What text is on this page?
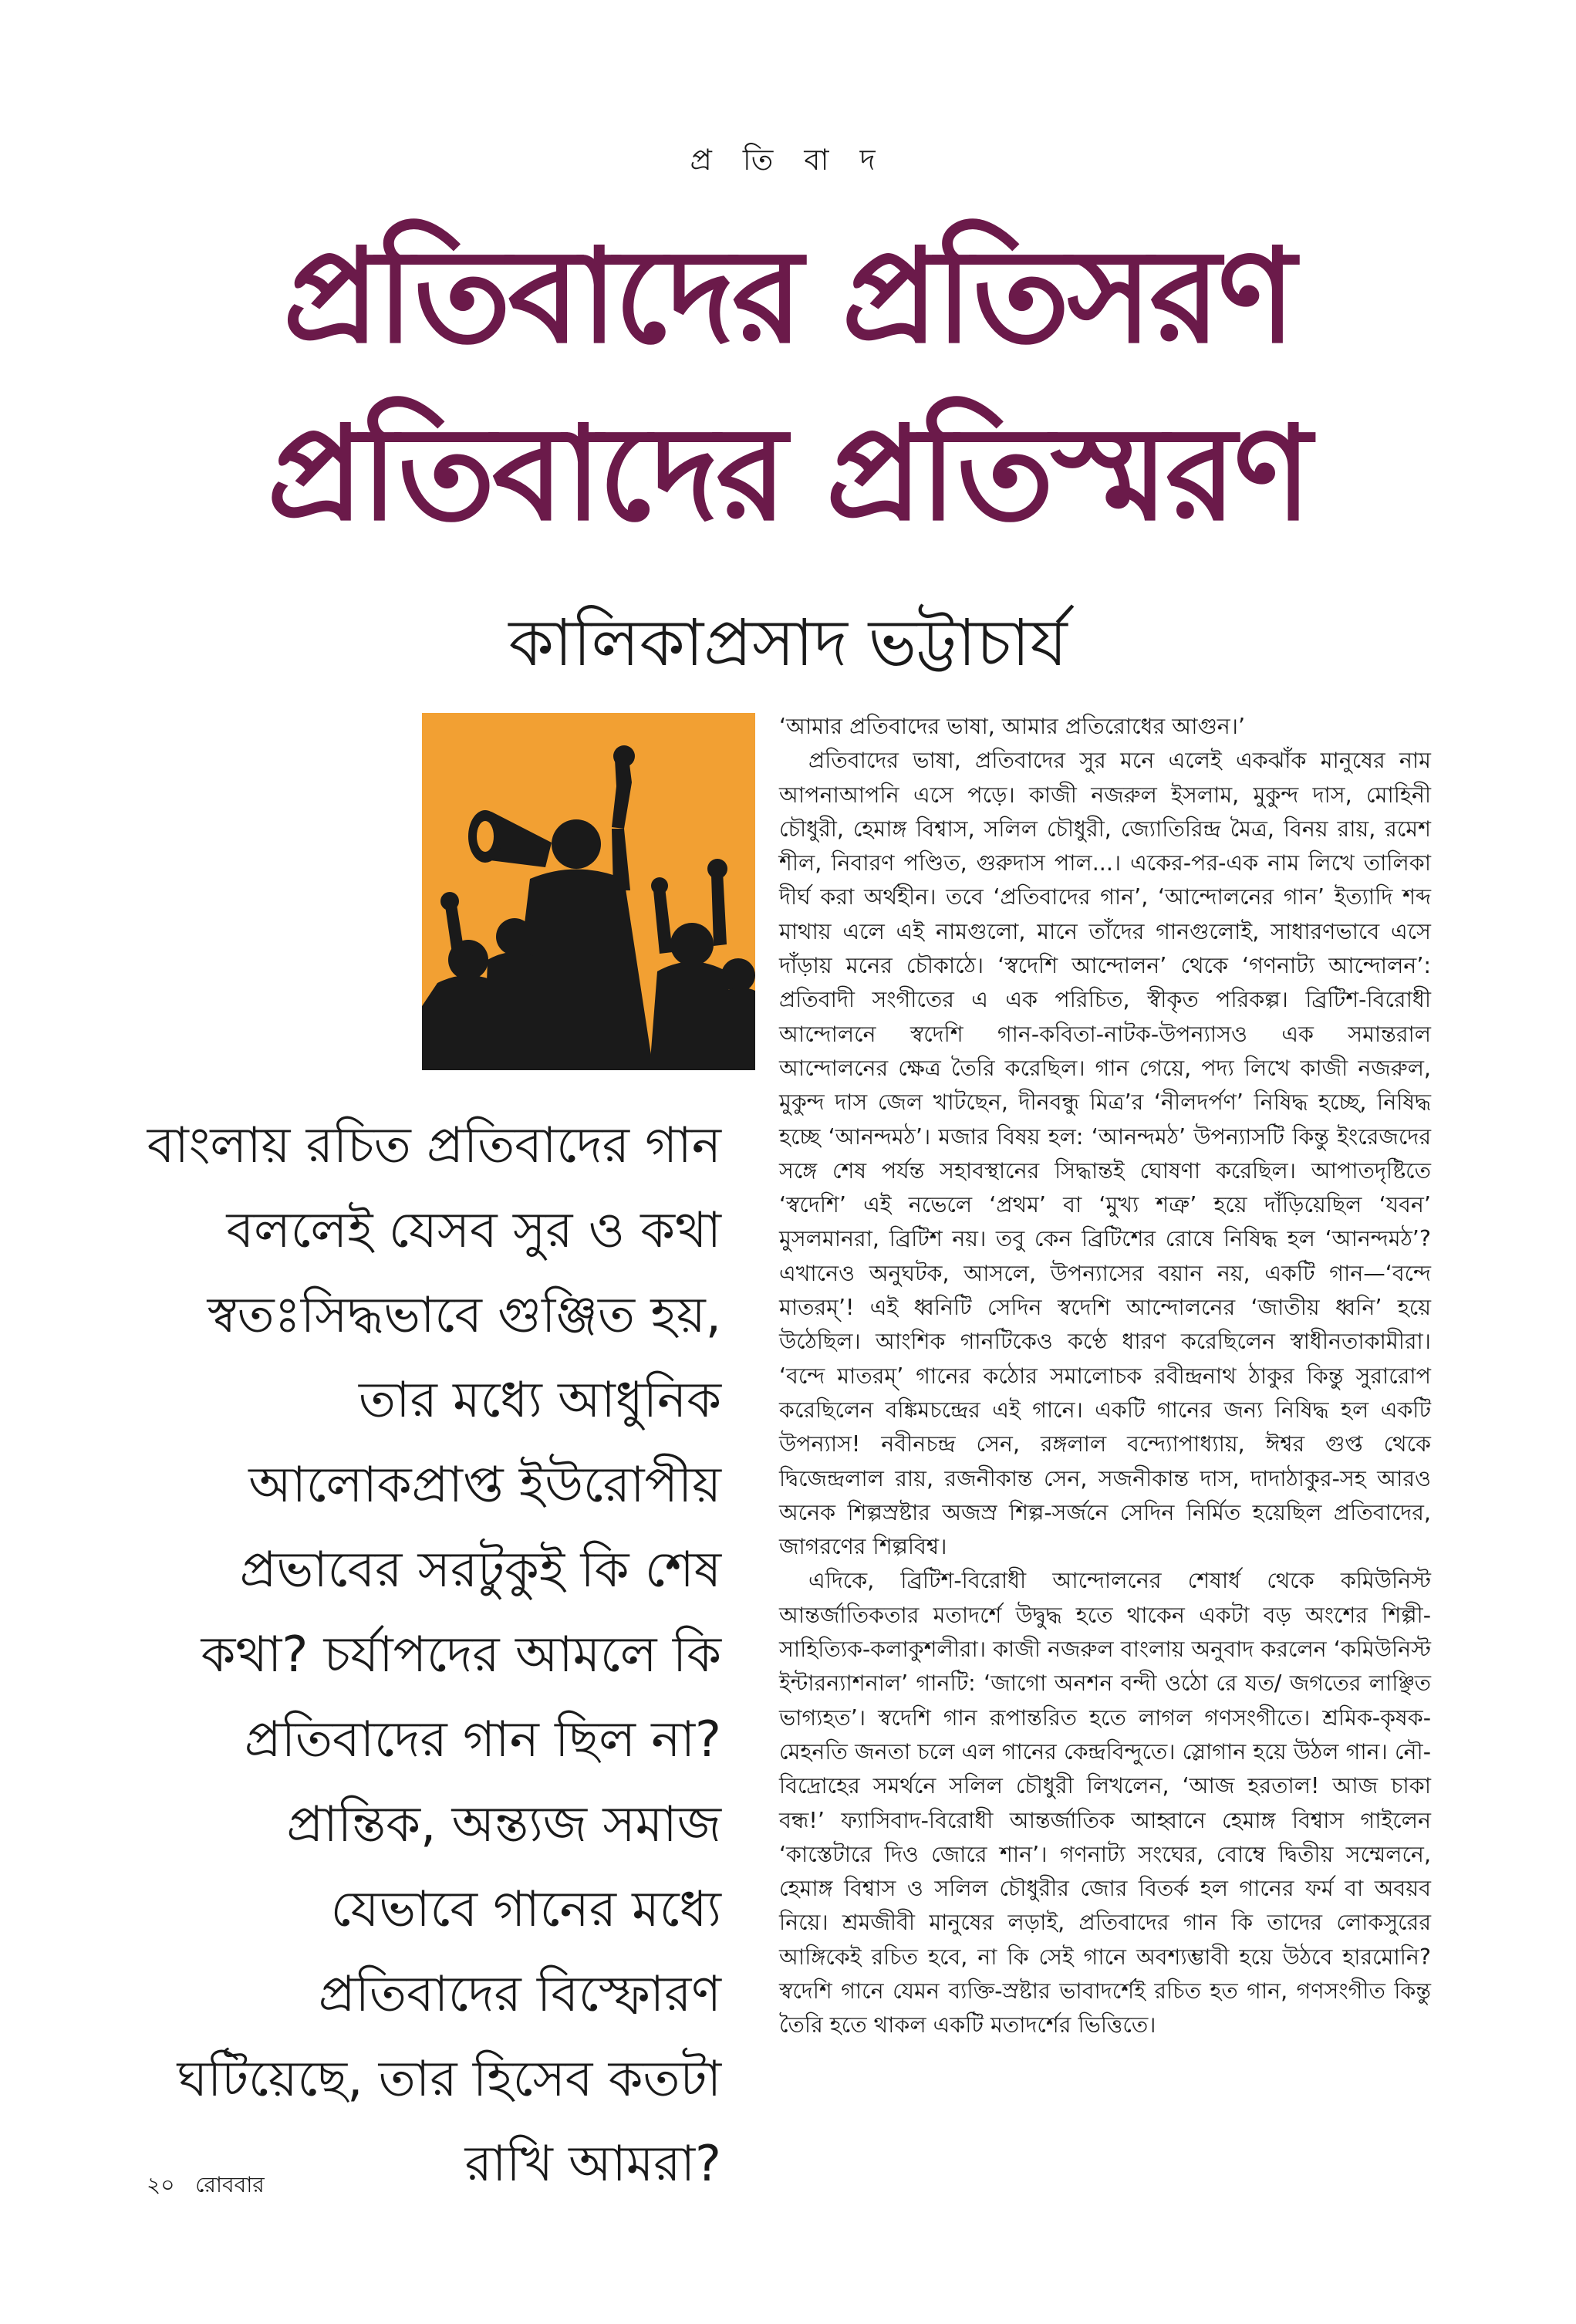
প্র তি বা দ
প্রতিবাদের প্রতিসরণ
প্রতিবাদের প্রতিস্মরণ
কালিকাপ্রসাদ ভট্টাচার্য

বাংলায় রচিত প্রতিবাদের গান বললেই যেসব সুর ও কথা স্বতঃসিদ্ধভাবে গুঞ্জিত হয়, তার মধ্যে আধুনিক আলোকপ্রাপ্ত ইউরোপীয় প্রভাবের সরটুকুই কি শেষ কথা? চর্যাপদের আমলে কি প্রতিবাদের গান ছিল না? প্রান্তিক, অন্ত্যজ সমাজ যেভাবে গানের মধ্যে প্রতিবাদের বিস্ফোরণ ঘটিয়েছে, তার হিসেব কতটা রাখি আমরা?

‘আমার প্রতিবাদের ভাষা, আমার প্রতিরোধের আগুন।’

প্রতিবাদের ভাষা, প্রতিবাদের সুর মনে এলেই একঝাঁক মানুষের নাম আপনাআপনি এসে পড়ে। কাজী নজরুল ইসলাম, মুকুন্দ দাস, মোহিনী চৌধুরী, হেমাঙ্গ বিশ্বাস, সলিল চৌধুরী, জ্যোতিরিন্দ্র মৈত্র, বিনয় রায়, রমেশ শীল, নিবারণ পণ্ডিত, গুরুদাস পাল...। একের-পর-এক নাম লিখে তালিকা দীর্ঘ করা অর্থহীন। তবে ‘প্রতিবাদের গান’, ‘আন্দোলনের গান’ ইত্যাদি শব্দ মাথায় এলে এই নামগুলো, মানে তাঁদের গানগুলোই, সাধারণভাবে এসে দাঁড়ায় মনের চৌকাঠে। ‘স্বদেশি আন্দোলন’ থেকে ‘গণনাট্য আন্দোলন’: প্রতিবাদী সংগীতের এ এক পরিচিত, স্বীকৃত পরিকল্প। ব্রিটিশ-বিরোধী আন্দোলনে স্বদেশি গান-কবিতা-নাটক-উপন্যাসও এক সমান্তরাল আন্দোলনের ক্ষেত্র তৈরি করেছিল। গান গেয়ে, পদ্য লিখে কাজী নজরুল, মুকুন্দ দাস জেল খাটছেন, দীনবন্ধু মিত্র’র ‘নীলদর্পণ’ নিষিদ্ধ হচ্ছে, নিষিদ্ধ হচ্ছে ‘আনন্দমঠ’। মজার বিষয় হল: ‘আনন্দমঠ’ উপন্যাসটি কিন্তু ইংরেজদের সঙ্গে শেষ পর্যন্ত সহাবস্থানের সিদ্ধান্তই ঘোষণা করেছিল। আপাতদৃষ্টিতে ‘স্বদেশি’ এই নভেলে ‘প্রথম’ বা ‘মুখ্য শত্রু’ হয়ে দাঁড়িয়েছিল ‘যবন’ মুসলমানরা, ব্রিটিশ নয়। তবু কেন ব্রিটিশের রোষে নিষিদ্ধ হল ‘আনন্দমঠ’? এখানেও অনুঘটক, আসলে, উপন্যাসের বয়ান নয়, একটি গান—‘বন্দে মাতরম্’! এই ধ্বনিটি সেদিন স্বদেশি আন্দোলনের ‘জাতীয় ধ্বনি’ হয়ে উঠেছিল। আংশিক গানটিকেও কণ্ঠে ধারণ করেছিলেন স্বাধীনতাকামীরা। ‘বন্দে মাতরম্’ গানের কঠোর সমালোচক রবীন্দ্রনাথ ঠাকুর কিন্তু সুরারোপ করেছিলেন বঙ্কিমচন্দ্রের এই গানে। একটি গানের জন্য নিষিদ্ধ হল একটি উপন্যাস! নবীনচন্দ্র সেন, রঙ্গলাল বন্দ্যোপাধ্যায়, ঈশ্বর গুপ্ত থেকে দ্বিজেন্দ্রলাল রায়, রজনীকান্ত সেন, সজনীকান্ত দাস, দাদাঠাকুর-সহ আরও অনেক শিল্পস্রষ্টার অজস্র শিল্প-সর্জনে সেদিন নির্মিত হয়েছিল প্রতিবাদের, জাগরণের শিল্পবিশ্ব।

এদিকে, ব্রিটিশ-বিরোধী আন্দোলনের শেষার্ধ থেকে কমিউনিস্ট আন্তর্জাতিকতার মতাদর্শে উদ্বুদ্ধ হতে থাকেন একটা বড় অংশের শিল্পী-সাহিত্যিক-কলাকুশলীরা। কাজী নজরুল বাংলায় অনুবাদ করলেন ‘কমিউনিস্ট ইন্টারন্যাশনাল’ গানটি: ‘জাগো অনশন বন্দী ওঠো রে যত/ জগতের লাঞ্ছিত ভাগ্যহত’। স্বদেশি গান রূপান্তরিত হতে লাগল গণসংগীতে। শ্রমিক-কৃষক-মেহনতি জনতা চলে এল গানের কেন্দ্রবিন্দুতে। স্লোগান হয়ে উঠল গান। নৌ-বিদ্রোহের সমর্থনে সলিল চৌধুরী লিখলেন, ‘আজ হরতাল! আজ চাকা বন্ধ!’ ফ্যাসিবাদ-বিরোধী আন্তর্জাতিক আহ্বানে হেমাঙ্গ বিশ্বাস গাইলেন ‘কাস্তেটারে দিও জোরে শান’। গণনাট্য সংঘের, বোম্বে দ্বিতীয় সম্মেলনে, হেমাঙ্গ বিশ্বাস ও সলিল চৌধুরীর জোর বিতর্ক হল গানের ফর্ম বা অবয়ব নিয়ে। শ্রমজীবী মানুষের লড়াই, প্রতিবাদের গান কি তাদের লোকসুরের আঙ্গিকেই রচিত হবে, না কি সেই গানে অবশ্যম্ভাবী হয়ে উঠবে হারমোনি? স্বদেশি গানে যেমন ব্যক্তি-স্রষ্টার ভাবাদর্শেই রচিত হত গান, গণসংগীত কিন্তু তৈরি হতে থাকল একটি মতাদর্শের ভিত্তিতে।

২০ রোববার
